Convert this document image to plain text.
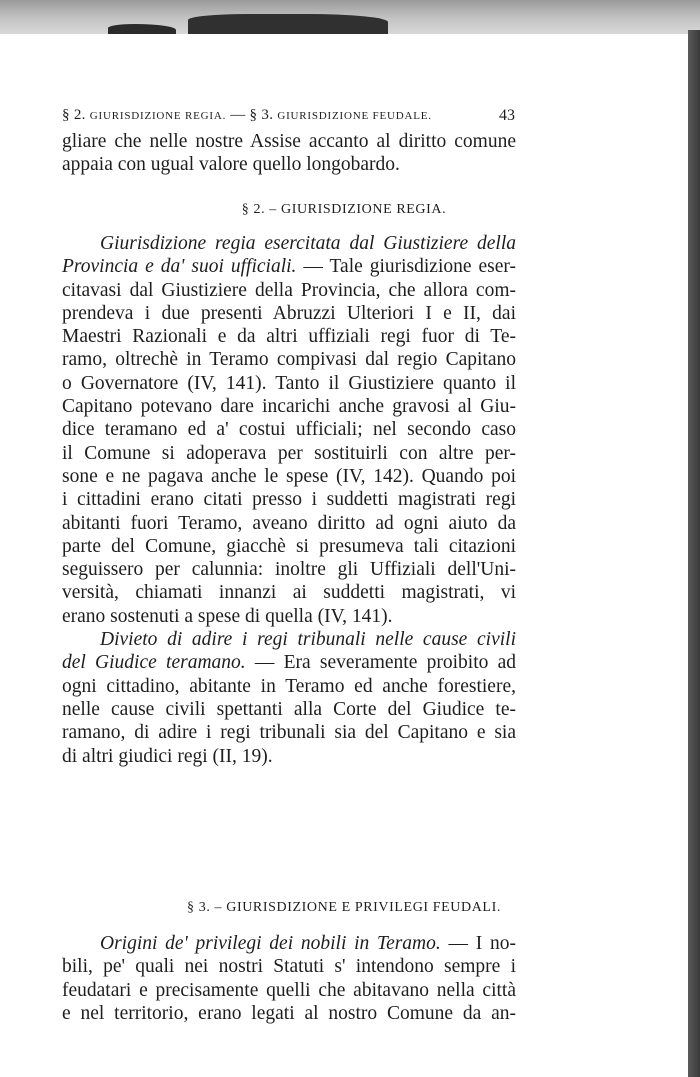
§ 2. GIURISDIZIONE REGIA. — § 3. GIURISDIZIONE FEUDALE.	43
gliare che nelle nostre Assise accanto al diritto comune
appaia con ugual valore quello longobardo.
§ 2. – GIURISDIZIONE REGIA.
Giurisdizione regia esercitata dal Giustiziere della
Provincia e da' suoi ufficiali. — Tale giurisdizione eser-
citavasi dal Giustiziere della Provincia, che allora com-
prendeva i due presenti Abruzzi Ulteriori I e II, dai
Maestri Razionali e da altri uffiziali regi fuor di Te-
ramo, oltrechè in Teramo compivasi dal regio Capitano
o Governatore (IV, 141). Tanto il Giustiziere quanto il
Capitano potevano dare incarichi anche gravosi al Giu-
dice teramano ed a' costui ufficiali; nel secondo caso
il Comune si adoperava per sostituirli con altre per-
sone e ne pagava anche le spese (IV, 142). Quando poi
i cittadini erano citati presso i suddetti magistrati regi
abitanti fuori Teramo, aveano diritto ad ogni aiuto da
parte del Comune, giacchè si presumeva tali citazioni
seguissero per calunnia: inoltre gli Uffiziali dell'Uni-
versità, chiamati innanzi ai suddetti magistrati, vi
erano sostenuti a spese di quella (IV, 141).
Divieto di adire i regi tribunali nelle cause civili
del Giudice teramano. — Era severamente proibito ad
ogni cittadino, abitante in Teramo ed anche forestiere,
nelle cause civili spettanti alla Corte del Giudice te-
ramano, di adire i regi tribunali sia del Capitano e sia
di altri giudici regi (II, 19).
§ 3. – GIURISDIZIONE E PRIVILEGI FEUDALI.
Origini de' privilegi dei nobili in Teramo. — I no-
bili, pe' quali nei nostri Statuti s' intendono sempre i
feudatari e precisamente quelli che abitavano nella città
e nel territorio, erano legati al nostro Comune da an-
